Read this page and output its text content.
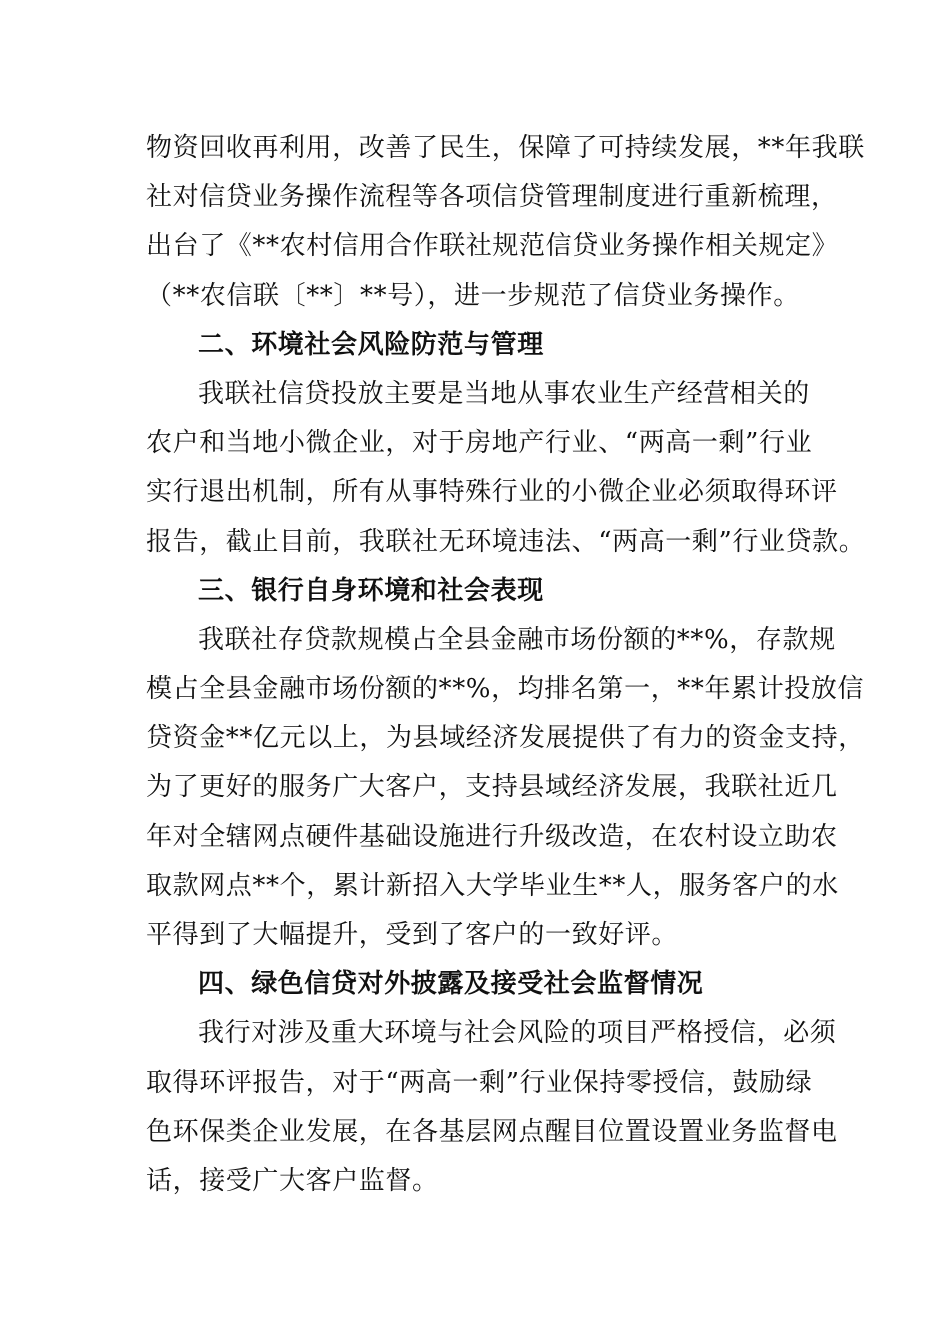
物资回收再利用，改善了民生，保障了可持续发展，**年我联
社对信贷业务操作流程等各项信贷管理制度进行重新梳理，
出台了《**农村信用合作联社规范信贷业务操作相关规定》
（**农信联〔**〕**号），进一步规范了信贷业务操作。
二、环境社会风险防范与管理
我联社信贷投放主要是当地从事农业生产经营相关的
农户和当地小微企业，对于房地产行业、“两高一剩”行业
实行退出机制，所有从事特殊行业的小微企业必须取得环评
报告，截止目前，我联社无环境违法、“两高一剩”行业贷款。
三、银行自身环境和社会表现
我联社存贷款规模占全县金融市场份额的**%，存款规
模占全县金融市场份额的**%，均排名第一，**年累计投放信
贷资金**亿元以上，为县域经济发展提供了有力的资金支持，
为了更好的服务广大客户，支持县域经济发展，我联社近几
年对全辖网点硬件基础设施进行升级改造，在农村设立助农
取款网点**个，累计新招入大学毕业生**人，服务客户的水
平得到了大幅提升，受到了客户的一致好评。
四、绿色信贷对外披露及接受社会监督情况
我行对涉及重大环境与社会风险的项目严格授信，必须
取得环评报告，对于“两高一剩”行业保持零授信，鼓励绿
色环保类企业发展，在各基层网点醒目位置设置业务监督电
话，接受广大客户监督。
